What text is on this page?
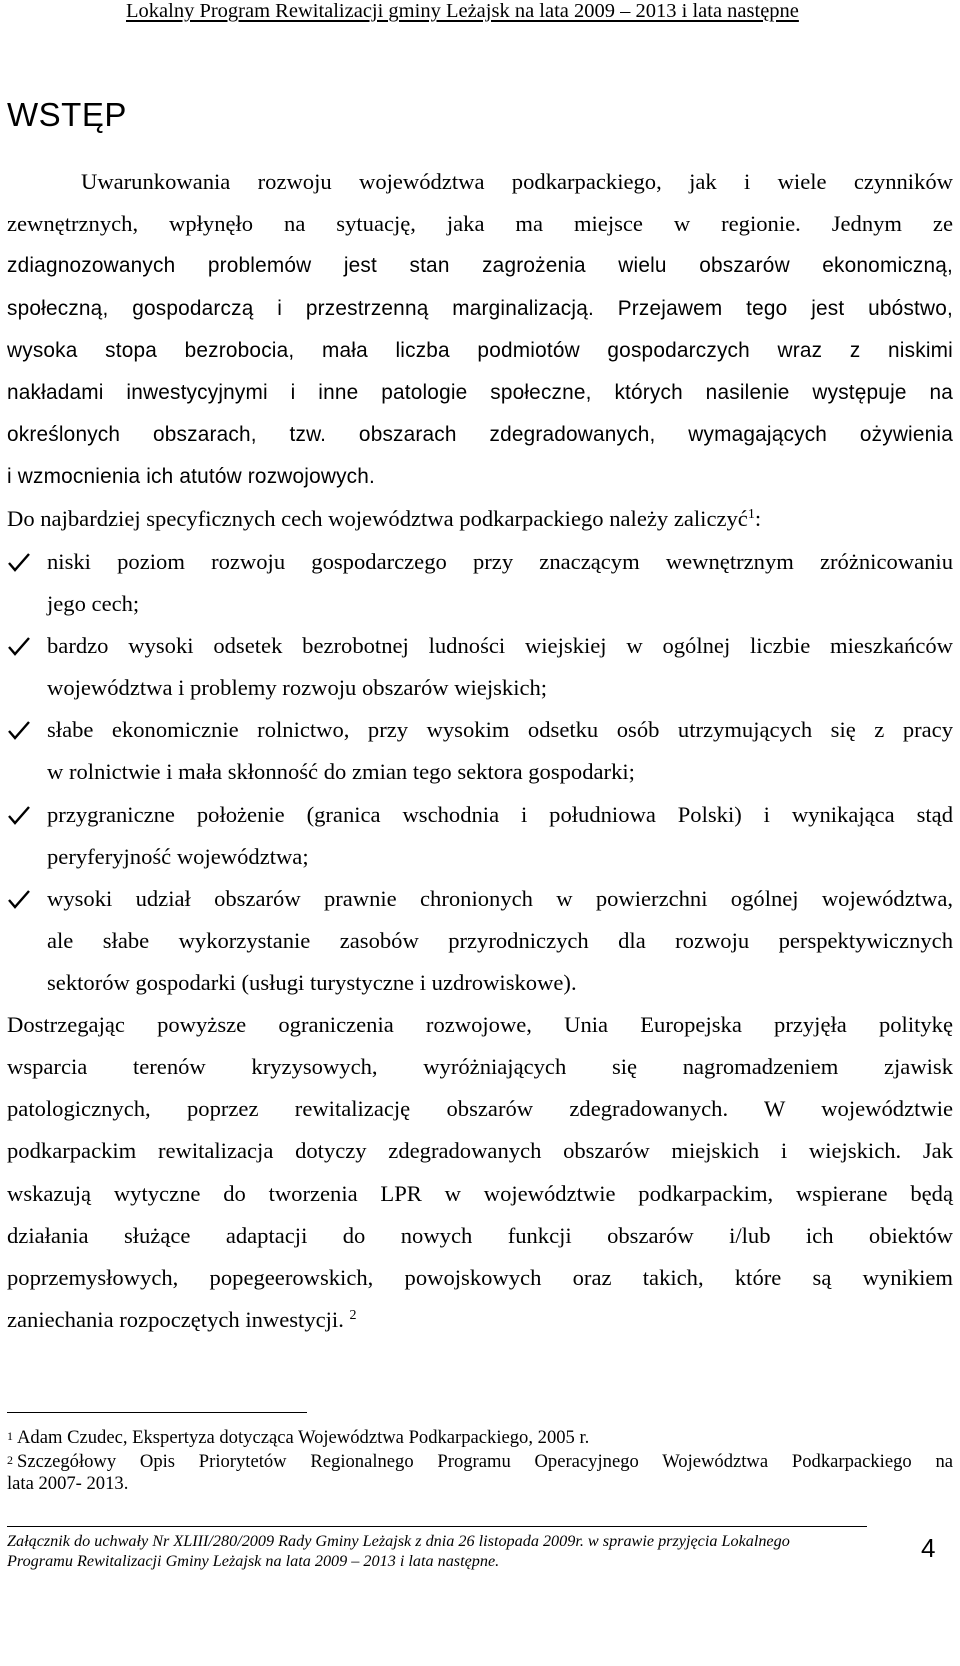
Lokalny Program Rewitalizacji gminy Leżajsk na lata 2009 – 2013 i lata następne
WSTĘP
Uwarunkowania rozwoju województwa podkarpackiego, jak i wiele czynników
zewnętrznych, wpłynęło na sytuację, jaka ma miejsce w regionie. Jednym ze
zdiagnozowanych problemów jest stan zagrożenia wielu obszarów ekonomiczną,
społeczną, gospodarczą i przestrzenną marginalizacją. Przejawem tego jest ubóstwo,
wysoka stopa bezrobocia, mała liczba podmiotów gospodarczych wraz z niskimi
nakładami inwestycyjnymi i inne patologie społeczne, których nasilenie występuje na
określonych obszarach, tzw. obszarach zdegradowanych, wymagających ożywienia
i wzmocnienia ich atutów rozwojowych.
Do najbardziej specyficznych cech województwa podkarpackiego należy zaliczyć$^1$:
niski poziom rozwoju gospodarczego przy znaczącym wewnętrznym zróżnicowaniu
jego cech;
bardzo wysoki odsetek bezrobotnej ludności wiejskiej w ogólnej liczbie mieszkańców
województwa i problemy rozwoju obszarów wiejskich;
słabe ekonomicznie rolnictwo, przy wysokim odsetku osób utrzymujących się z pracy
w rolnictwie i mała skłonność do zmian tego sektora gospodarki;
przygraniczne położenie (granica wschodnia i południowa Polski) i wynikająca stąd
peryferyjność województwa;
wysoki udział obszarów prawnie chronionych w powierzchni ogólnej województwa,
ale słabe wykorzystanie zasobów przyrodniczych dla rozwoju perspektywicznych
sektorów gospodarki (usługi turystyczne i uzdrowiskowe).
Dostrzegając powyższe ograniczenia rozwojowe, Unia Europejska przyjęła politykę
wsparcia terenów kryzysowych, wyróżniających się nagromadzeniem zjawisk
patologicznych, poprzez rewitalizację obszarów zdegradowanych. W województwie
podkarpackim rewitalizacja dotyczy zdegradowanych obszarów miejskich i wiejskich. Jak
wskazują wytyczne do tworzenia LPR w województwie podkarpackim, wspierane będą
działania służące adaptacji do nowych funkcji obszarów i/lub ich obiektów
poprzemysłowych, popegeerowskich, powojskowych oraz takich, które są wynikiem
zaniechania rozpoczętych inwestycji. $^2$
$^1$ Adam Czudec, Ekspertyza dotycząca Województwa Podkarpackiego, 2005 r.
$^2$ Szczegółowy Opis Priorytetów Regionalnego Programu Operacyjnego Województwa Podkarpackiego na
lata 2007- 2013.
Załącznik do uchwały Nr XLIII/280/2009 Rady Gminy Leżajsk z dnia 26 listopada 2009r. w sprawie przyjęcia Lokalnego
Programu Rewitalizacji Gminy Leżajsk na lata 2009 – 2013 i lata następne.	4
